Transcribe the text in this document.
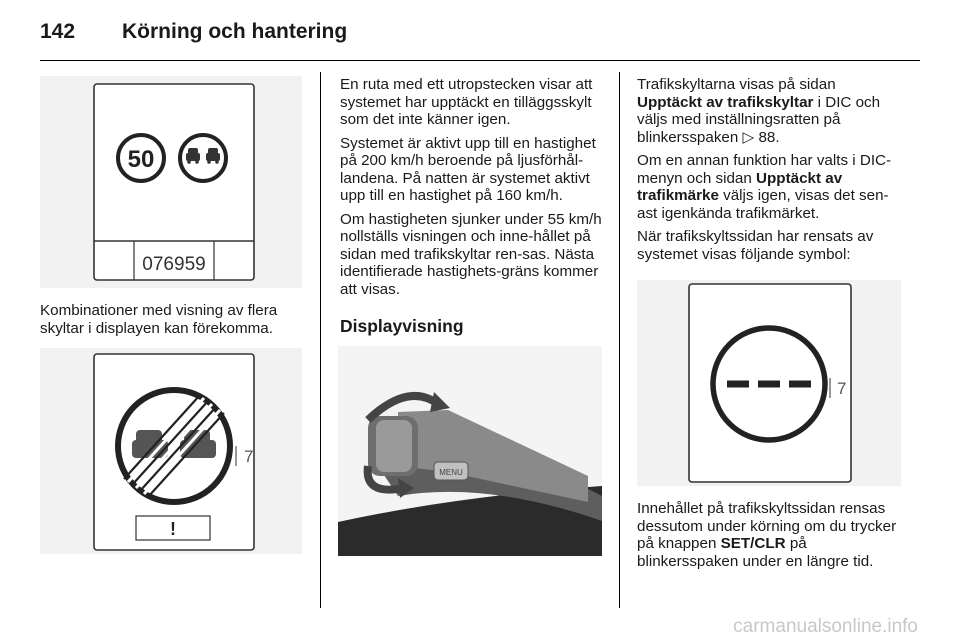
142 Körning och hantering
50
076959

Kombinationer med visning av flera skyltar i displayen kan förekomma.

7
!

En ruta med ett utropstecken visar att systemet har upptäckt en tilläggsskylt som det inte känner igen.

Systemet är aktivt upp till en hastighet på 200 km/h beroende på ljusförhål-landena. På natten är systemet aktivt upp till en hastighet på 160 km/h.

Om hastigheten sjunker under 55 km/h nollställs visningen och inne-hållet på sidan med trafikskyltar ren-sas. Nästa identifierade hastighets-gräns kommer att visas.

Displayvisning
MENU

Trafikskyltarna visas på sidan Upptäckt av trafikskyltar i DIC och väljs med inställningsratten på blinkersspaken ▷ 88.

Om en annan funktion har valts i DIC-menyn och sidan Upptäckt av trafikmärke väljs igen, visas det sen-ast igenkända trafikmärket.

När trafikskyltssidan har rensats av systemet visas följande symbol:

7

Innehållet på trafikskyltssidan rensas dessutom under körning om du trycker på knappen SET/CLR på blinkersspaken under en längre tid.

carmanualsonline.info
